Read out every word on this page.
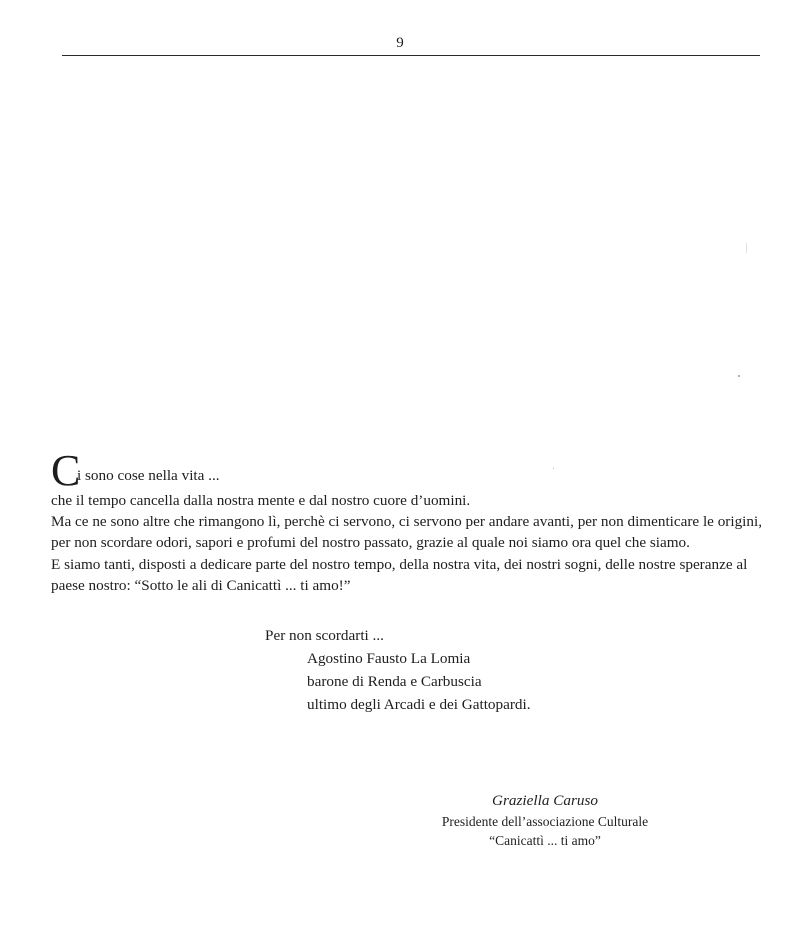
9
C
i sono cose nella vita ...

che il tempo cancella dalla nostra mente e dal nostro cuore d’uomini.

Ma ce ne sono altre che rimangono lì, perchè ci servono, ci servono per andare avanti, per non dimenticare le origini, per non scordare odori, sapori e profumi del nostro passato, grazie al quale noi siamo ora quel che siamo.

E siamo tanti, disposti a dedicare parte del nostro tempo, della nostra vita, dei nostri sogni, delle nostre speranze al paese nostro: “Sotto le ali di Canicattì ... ti amo!”

Per non scordarti ...
Agostino Fausto La Lomia
barone di Renda e Carbuscia
ultimo degli Arcadi e dei Gattopardi.
Graziella Caruso
Presidente dell’associazione Culturale
“Canicattì ... ti amo”
